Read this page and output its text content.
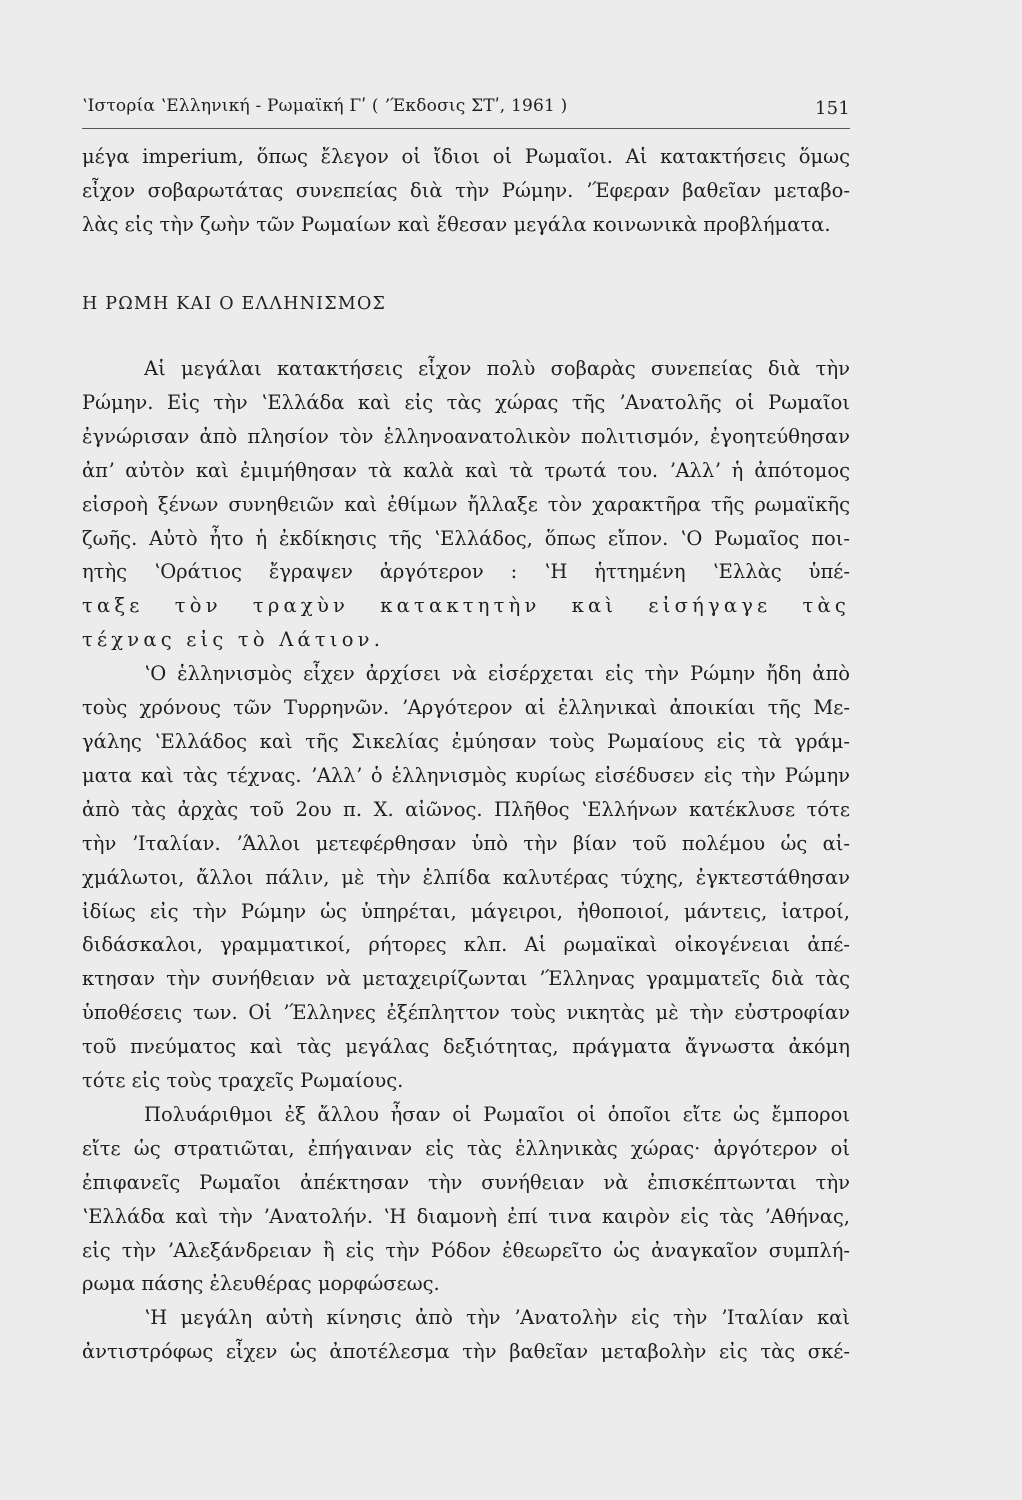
ʽΙστορία ʽΕλληνική - Ρωμαϊκή Γʹ ( ʼΈκδοσις ΣΤʹ, 1961 )	151
μέγα imperium, ὅπως ἔλεγον οἱ ἴδιοι οἱ Ρωμαῖοι. Αἱ κατακτήσεις ὅμως
εἶχον σοβαρωτάτας συνεπείας διὰ τὴν Ρώμην. ʼΈφεραν βαθεῖαν μεταβο-
λὰς εἰς τὴν ζωὴν τῶν Ρωμαίων καὶ ἔθεσαν μεγάλα κοινωνικὰ προβλήματα.
Η ΡΩΜΗ ΚΑΙ Ο ΕΛΛΗΝΙΣΜΟΣ
Αἱ μεγάλαι κατακτήσεις εἶχον πολὺ σοβαρὰς συνεπείας διὰ τὴν
Ρώμην. Εἰς τὴν ʽΕλλάδα καὶ εἰς τὰς χώρας τῆς ʼΑνατολῆς οἱ Ρωμαῖοι
ἐγνώρισαν ἀπὸ πλησίον τὸν ἑλληνοανατολικὸν πολιτισμόν, ἐγοητεύθησαν
ἀπʼ αὐτὸν καὶ ἐμιμήθησαν τὰ καλὰ καὶ τὰ τρωτά του. ʼΑλλʼ ἡ ἀπότομος
εἰσροὴ ξένων συνηθειῶν καὶ ἐθίμων ἤλλαξε τὸν χαρακτῆρα τῆς ρωμαϊκῆς
ζωῆς. Αὐτὸ ἦτο ἡ ἐκδίκησις τῆς ʽΕλλάδος, ὅπως εἴπον. ʽΟ Ρωμαῖος ποι-
ητὴς ʽΟράτιος ἔγραψεν ἀργότερον : ʽΗ ἡττημένη ʽΕλλὰς ὑπέ-
ταξε τὸν τραχὺν κατακτητὴν καὶ εἰσήγαγε τὰς
τέχνας εἰς τὸ Λάτιον.
ʽΟ ἑλληνισμὸς εἶχεν ἀρχίσει νὰ εἰσέρχεται εἰς τὴν Ρώμην ἤδη ἀπὸ
τοὺς χρόνους τῶν Τυρρηνῶν. ʼΑργότερον αἱ ἑλληνικαὶ ἀποικίαι τῆς Με-
γάλης ʽΕλλάδος καὶ τῆς Σικελίας ἐμύησαν τοὺς Ρωμαίους εἰς τὰ γράμ-
ματα καὶ τὰς τέχνας. ʼΑλλʼ ὁ ἑλληνισμὸς κυρίως εἰσέδυσεν εἰς τὴν Ρώμην
ἀπὸ τὰς ἀρχὰς τοῦ 2ου π. Χ. αἰῶνος. Πλῆθος ʽΕλλήνων κατέκλυσε τότε
τὴν ʼΙταλίαν. ʼΆλλοι μετεφέρθησαν ὑπὸ τὴν βίαν τοῦ πολέμου ὡς αἰ-
χμάλωτοι, ἄλλοι πάλιν, μὲ τὴν ἐλπίδα καλυτέρας τύχης, ἐγκτεστάθησαν
ἰδίως εἰς τὴν Ρώμην ὡς ὑπηρέται, μάγειροι, ἠθοποιοί, μάντεις, ἰατροί,
διδάσκαλοι, γραμματικοί, ρήτορες κλπ. Αἱ ρωμαϊκαὶ οἰκογένειαι ἀπέ-
κτησαν τὴν συνήθειαν νὰ μεταχειρίζωνται ʼΈλληνας γραμματεῖς διὰ τὰς
ὑποθέσεις των. Οἱ ʼΈλληνες ἐξέπληττον τοὺς νικητὰς μὲ τὴν εὐστροφίαν
τοῦ πνεύματος καὶ τὰς μεγάλας δεξιότητας, πράγματα ἄγνωστα ἀκόμη
τότε εἰς τοὺς τραχεῖς Ρωμαίους.
Πολυάριθμοι ἐξ ἄλλου ἦσαν οἱ Ρωμαῖοι οἱ ὁποῖοι εἴτε ὡς ἔμποροι
εἴτε ὡς στρατιῶται, ἐπήγαιναν εἰς τὰς ἑλληνικὰς χώρας· ἀργότερον οἱ
ἐπιφανεῖς Ρωμαῖοι ἀπέκτησαν τὴν συνήθειαν νὰ ἐπισκέπτωνται τὴν
ʽΕλλάδα καὶ τὴν ʼΑνατολήν. ʽΗ διαμονὴ ἐπί τινα καιρὸν εἰς τὰς ʼΑθήνας,
εἰς τὴν ʼΑλεξάνδρειαν ἢ εἰς τὴν Ρόδον ἐθεωρεῖτο ὡς ἀναγκαῖον συμπλή-
ρωμα πάσης ἐλευθέρας μορφώσεως.
ʽΗ μεγάλη αὐτὴ κίνησις ἀπὸ τὴν ʼΑνατολὴν εἰς τὴν ʼΙταλίαν καὶ
ἀντιστρόφως εἶχεν ὡς ἀποτέλεσμα τὴν βαθεῖαν μεταβολὴν εἰς τὰς σκέ-
